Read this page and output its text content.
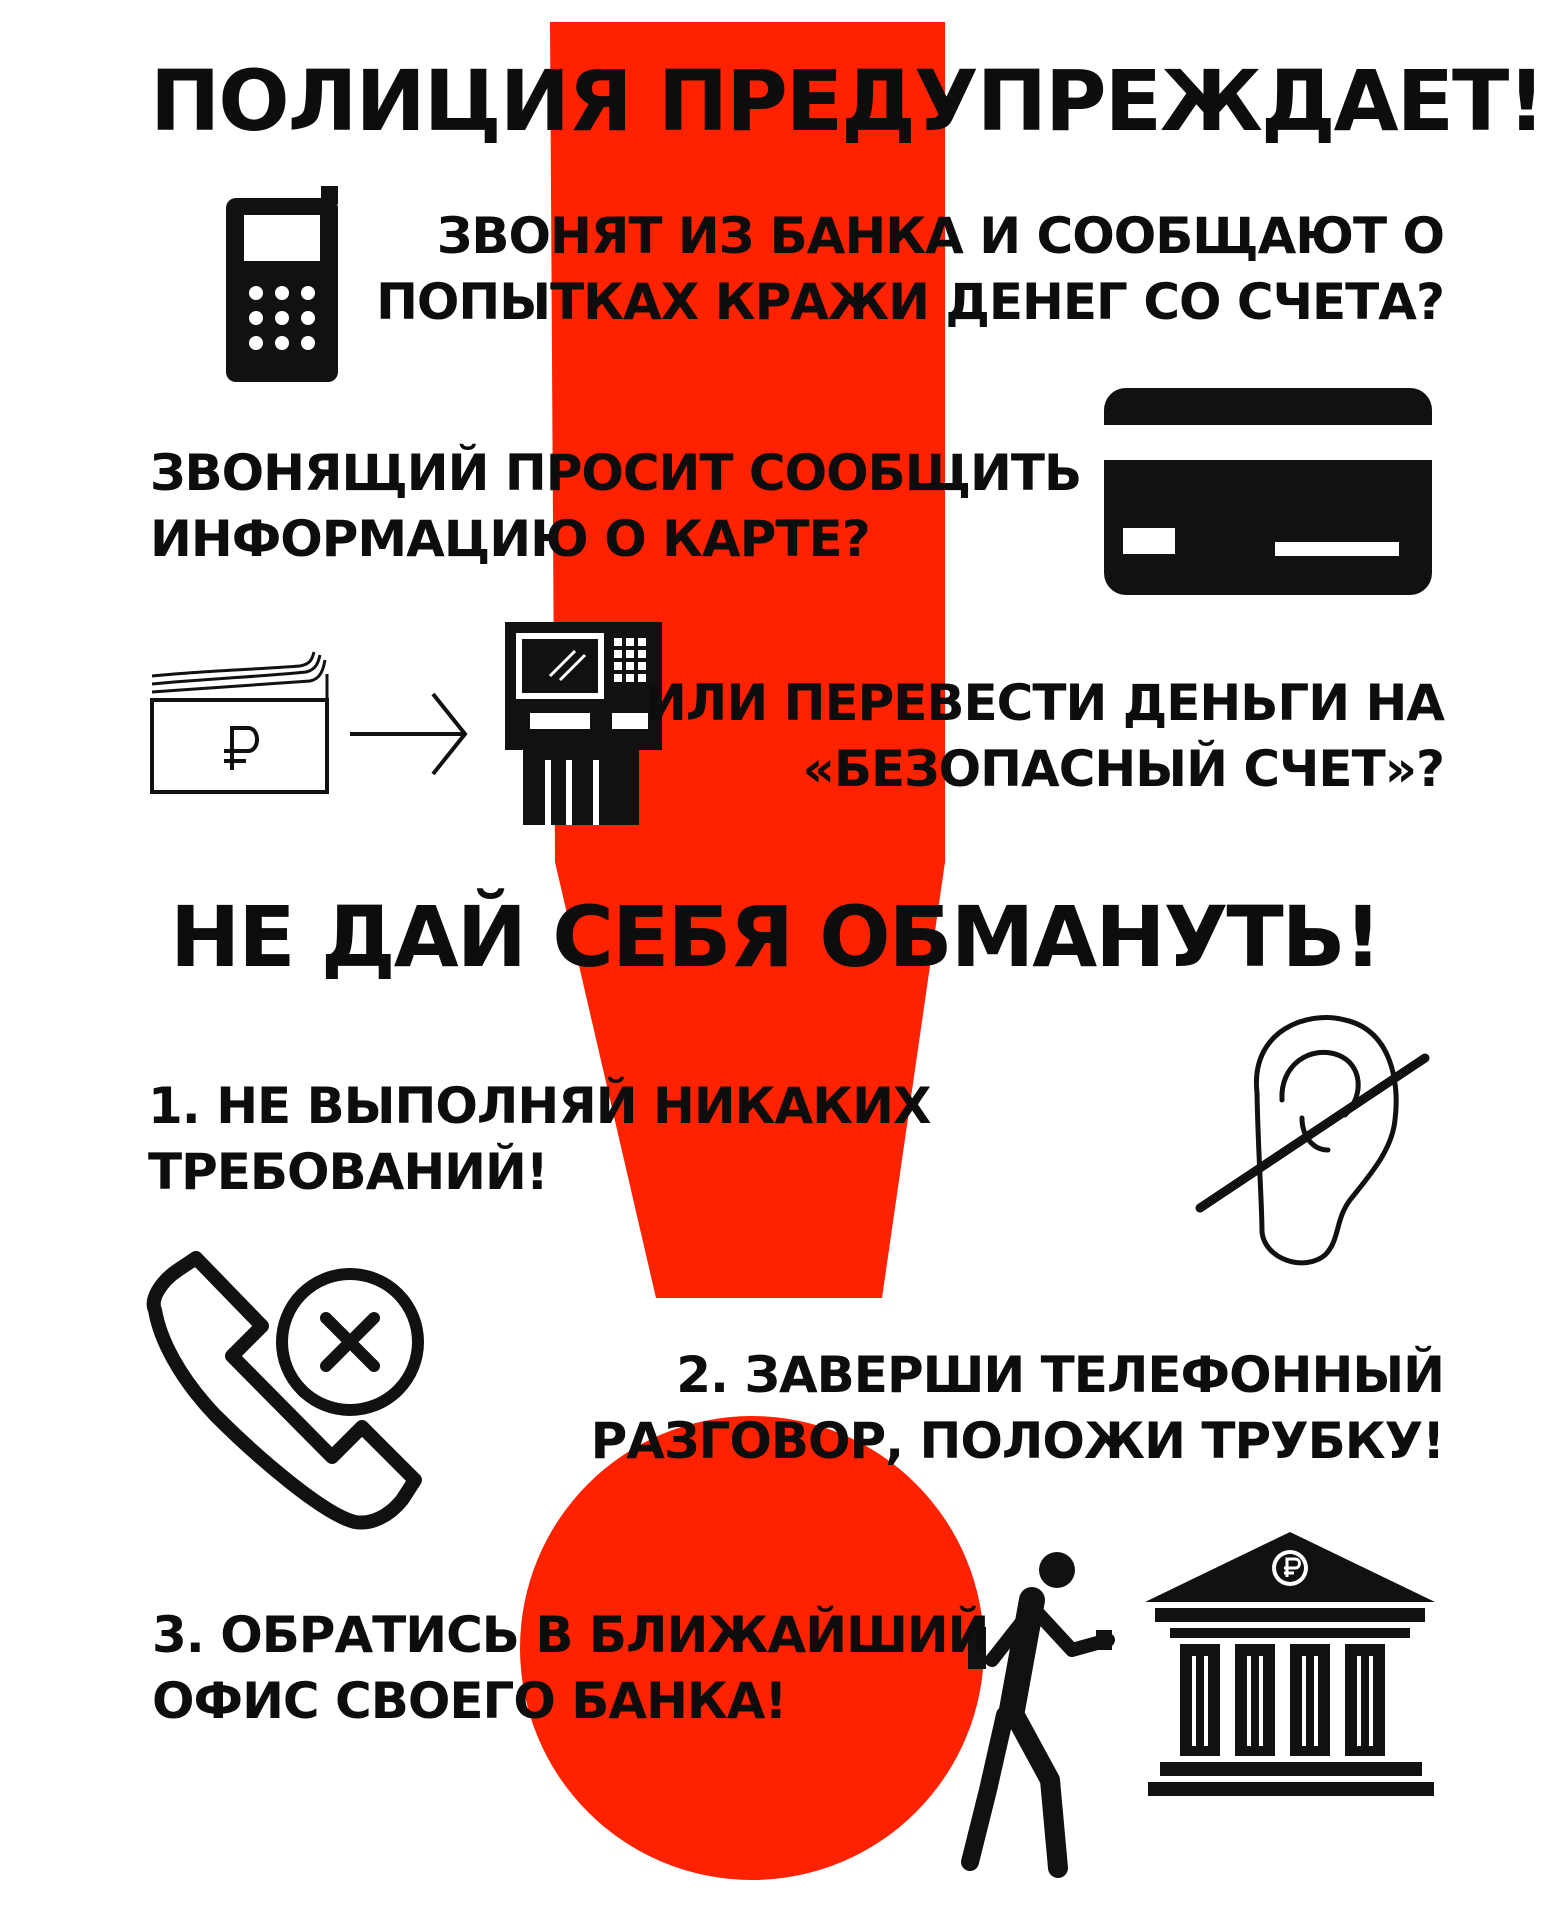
ПОЛИЦИЯ ПРЕДУПРЕЖДАЕТ!
ЗВОНЯТ ИЗ БАНКА И СООБЩАЮТ О
ПОПЫТКАХ КРАЖИ ДЕНЕГ СО СЧЕТА?
ЗВОНЯЩИЙ ПРОСИТ СООБЩИТЬ
ИНФОРМАЦИЮ О КАРТЕ?
ИЛИ ПЕРЕВЕСТИ ДЕНЬГИ НА
«БЕЗОПАСНЫЙ СЧЕТ»?
НЕ ДАЙ СЕБЯ ОБМАНУТЬ!
1. НЕ ВЫПОЛНЯЙ НИКАКИХ
ТРЕБОВАНИЙ!
2. ЗАВЕРШИ ТЕЛЕФОННЫЙ
РАЗГОВОР, ПОЛОЖИ ТРУБКУ!
3. ОБРАТИСЬ В БЛИЖАЙШИЙ
ОФИС СВОЕГО БАНКА!
